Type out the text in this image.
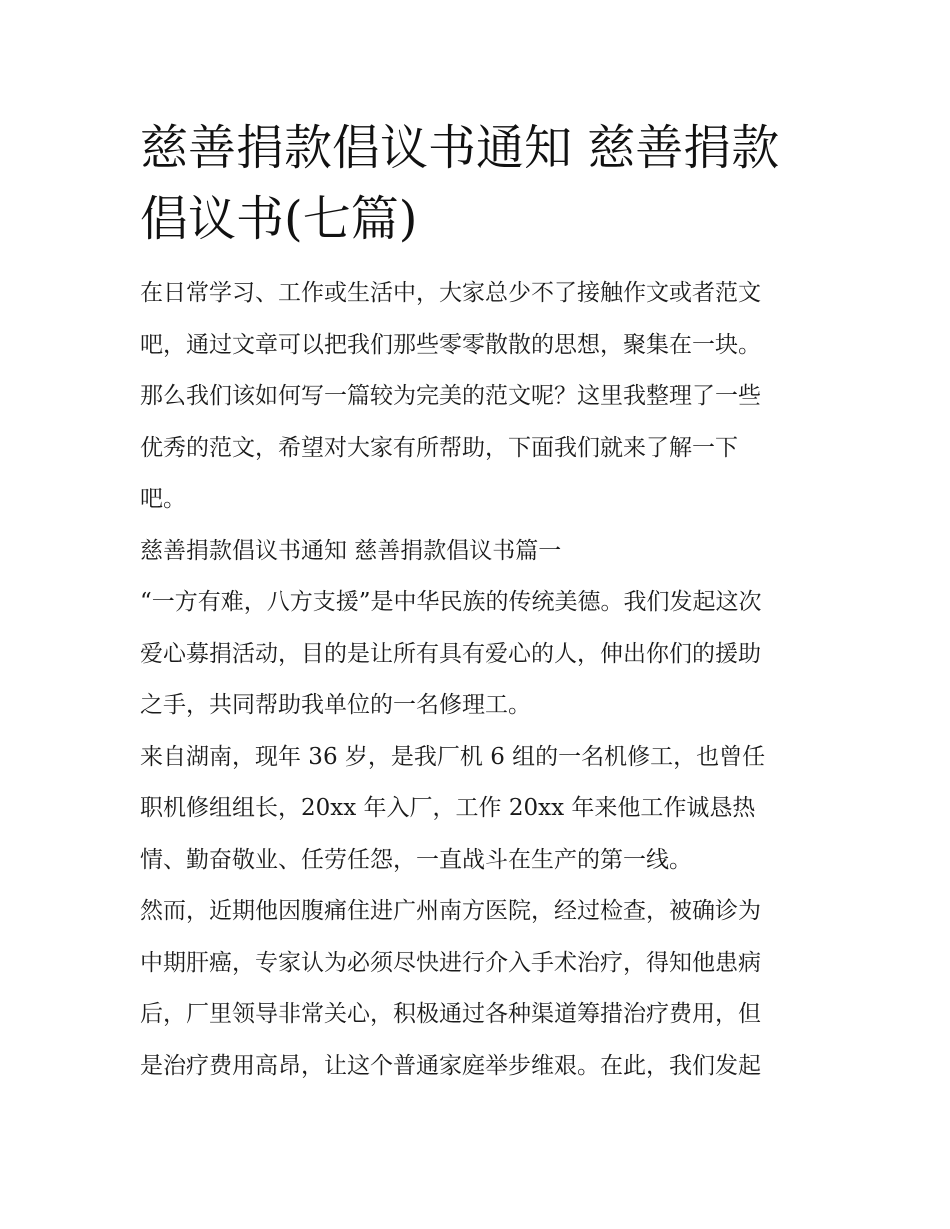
慈善捐款倡议书通知 慈善捐款
倡议书(七篇)

在日常学习、工作或生活中，大家总少不了接触作文或者范文
吧，通过文章可以把我们那些零零散散的思想，聚集在一块。
那么我们该如何写一篇较为完美的范文呢？这里我整理了一些
优秀的范文，希望对大家有所帮助，下面我们就来了解一下
吧。

慈善捐款倡议书通知 慈善捐款倡议书篇一

“一方有难，八方支援”是中华民族的传统美德。我们发起这次
爱心募捐活动，目的是让所有具有爱心的人，伸出你们的援助
之手，共同帮助我单位的一名修理工。

来自湖南，现年 36 岁，是我厂机 6 组的一名机修工，也曾任
职机修组组长，20xx 年入厂，工作 20xx 年来他工作诚恳热
情、勤奋敬业、任劳任怨，一直战斗在生产的第一线。

然而，近期他因腹痛住进广州南方医院，经过检查，被确诊为
中期肝癌，专家认为必须尽快进行介入手术治疗，得知他患病
后，厂里领导非常关心，积极通过各种渠道筹措治疗费用，但
是治疗费用高昂，让这个普通家庭举步维艰。在此，我们发起
